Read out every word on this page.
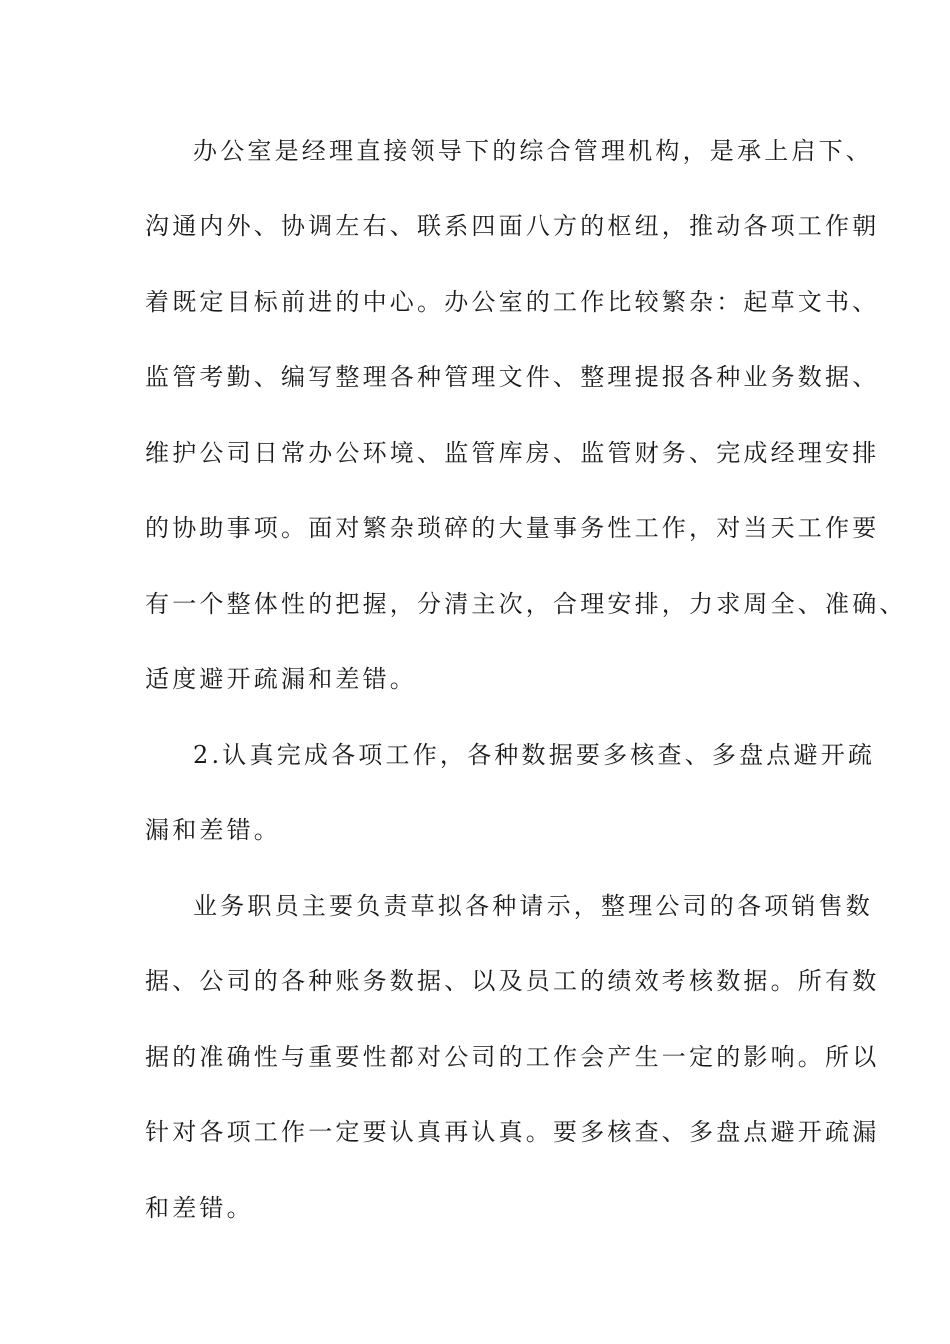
办公室是经理直接领导下的综合管理机构，是承上启下、
沟通内外、协调左右、联系四面八方的枢纽，推动各项工作朝
着既定目标前进的中心。办公室的工作比较繁杂：起草文书、
监管考勤、编写整理各种管理文件、整理提报各种业务数据、
维护公司日常办公环境、监管库房、监管财务、完成经理安排
的协助事项。面对繁杂琐碎的大量事务性工作，对当天工作要
有一个整体性的把握，分清主次，合理安排，力求周全、准确、
适度避开疏漏和差错。
2.认真完成各项工作，各种数据要多核查、多盘点避开疏
漏和差错。
业务职员主要负责草拟各种请示，整理公司的各项销售数
据、公司的各种账务数据、以及员工的绩效考核数据。所有数
据的准确性与重要性都对公司的工作会产生一定的影响。所以
针对各项工作一定要认真再认真。要多核查、多盘点避开疏漏
和差错。
